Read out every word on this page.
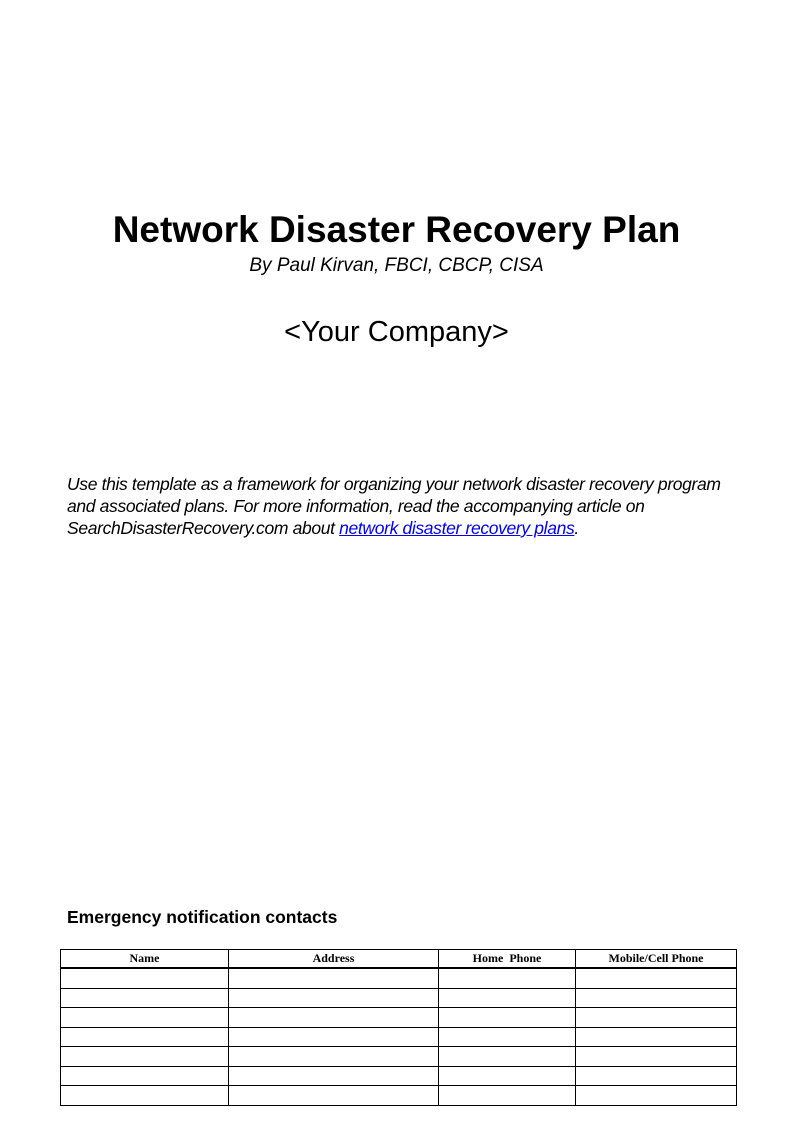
Network Disaster Recovery Plan
By Paul Kirvan, FBCI, CBCP, CISA
<Your Company>

Use this template as a framework for organizing your network disaster recovery program and associated plans. For more information, read the accompanying article on SearchDisasterRecovery.com about network disaster recovery plans.

Emergency notification contacts
Name	Address	Home  Phone	Mobile/Cell Phone
